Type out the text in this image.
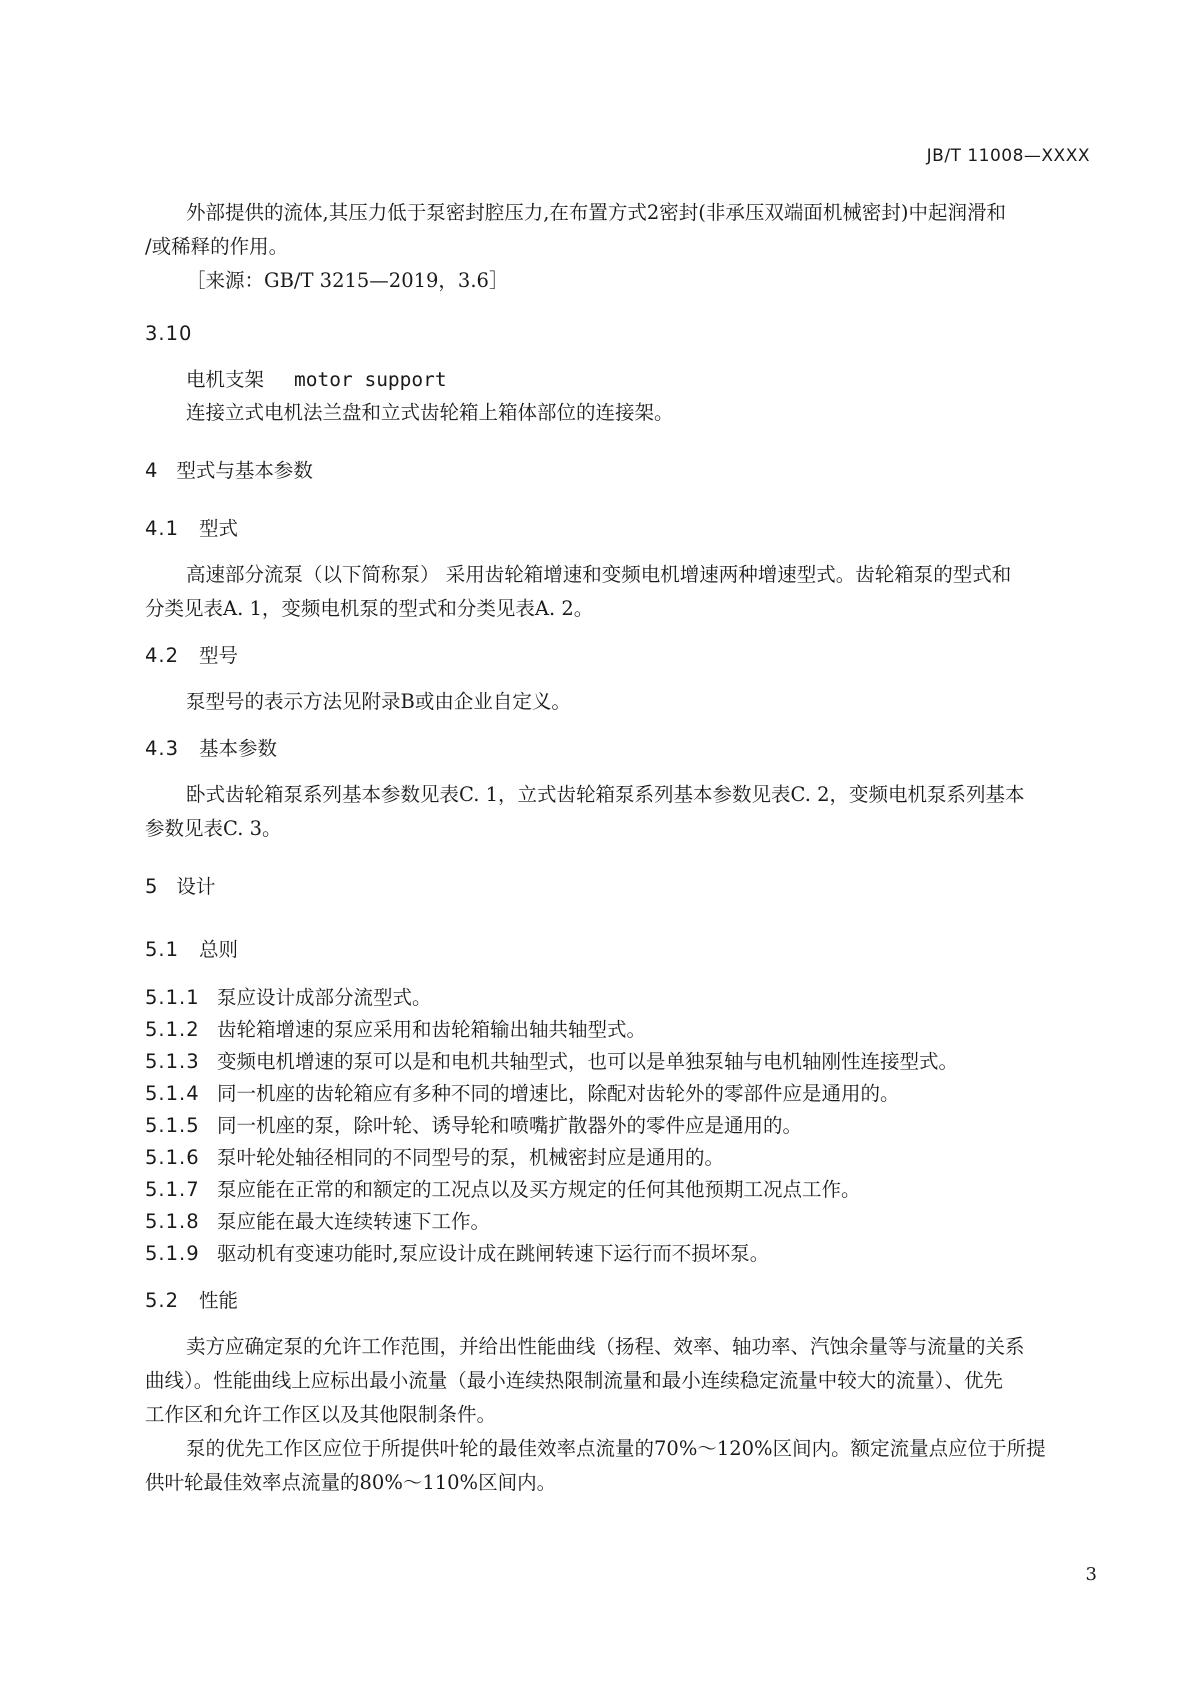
JB/T 11008—XXXX
外部提供的流体,其压力低于泵密封腔压力,在布置方式2密封(非承压双端面机械密封)中起润滑和
/或稀释的作用。
［来源：GB/T 3215—2019，3.6］
3.10
电机支架 motor support
连接立式电机法兰盘和立式齿轮箱上箱体部位的连接架。
4 型式与基本参数
4.1 型式
高速部分流泵（以下简称泵） 采用齿轮箱增速和变频电机增速两种增速型式。齿轮箱泵的型式和
分类见表A. 1，变频电机泵的型式和分类见表A. 2。
4.2 型号
泵型号的表示方法见附录B或由企业自定义。
4.3 基本参数
卧式齿轮箱泵系列基本参数见表C. 1，立式齿轮箱泵系列基本参数见表C. 2，变频电机泵系列基本
参数见表C. 3。
5 设计
5.1 总则
5.1.1 泵应设计成部分流型式。
5.1.2 齿轮箱增速的泵应采用和齿轮箱输出轴共轴型式。
5.1.3 变频电机增速的泵可以是和电机共轴型式，也可以是单独泵轴与电机轴刚性连接型式。
5.1.4 同一机座的齿轮箱应有多种不同的增速比，除配对齿轮外的零部件应是通用的。
5.1.5 同一机座的泵，除叶轮、诱导轮和喷嘴扩散器外的零件应是通用的。
5.1.6 泵叶轮处轴径相同的不同型号的泵，机械密封应是通用的。
5.1.7 泵应能在正常的和额定的工况点以及买方规定的任何其他预期工况点工作。
5.1.8 泵应能在最大连续转速下工作。
5.1.9 驱动机有变速功能时,泵应设计成在跳闸转速下运行而不损坏泵。
5.2 性能
卖方应确定泵的允许工作范围，并给出性能曲线（扬程、效率、轴功率、汽蚀余量等与流量的关系
曲线）。性能曲线上应标出最小流量（最小连续热限制流量和最小连续稳定流量中较大的流量）、优先
工作区和允许工作区以及其他限制条件。
泵的优先工作区应位于所提供叶轮的最佳效率点流量的70%～120%区间内。额定流量点应位于所提
供叶轮最佳效率点流量的80%～110%区间内。
3
